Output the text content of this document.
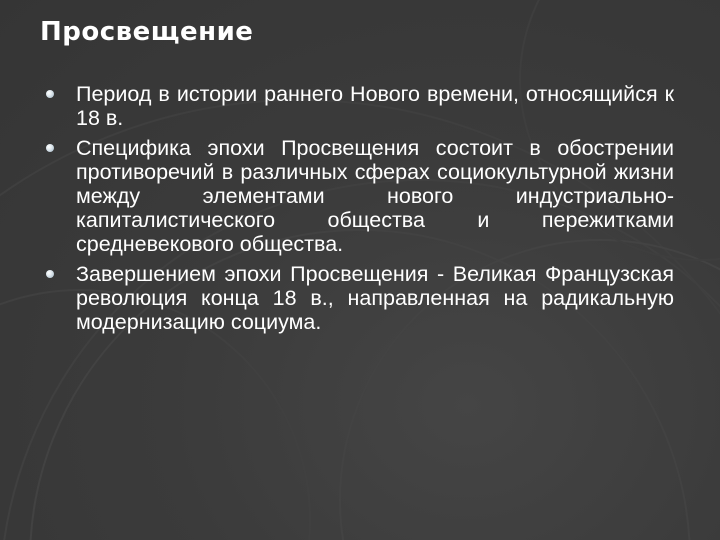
Просвещение
Период в истории раннего Нового времени, относящийся к 18 в.
Специфика эпохи Просвещения состоит в обострении противоречий в различных сферах социокультурной жизни между элементами нового индустриально-капиталистического общества и пережитками средневекового общества.
Завершением эпохи Просвещения - Великая Французская революция конца 18 в., направленная на радикальную модернизацию социума.
